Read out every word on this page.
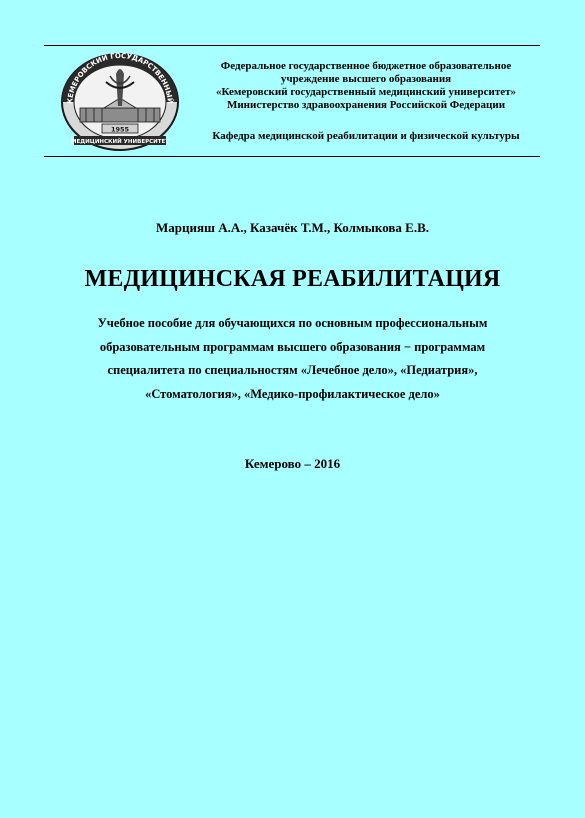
КЕМЕРОВСКИЙ ГОСУДАРСТВЕННЫЙ
1955
МЕДИЦИНСКИЙ УНИВЕРСИТЕТ
Федеральное государственное бюджетное образовательное
учреждение высшего образования
«Кемеровский государственный медицинский университет»
Министерство здравоохранения Российской Федерации
Кафедра медицинской реабилитации и физической культуры
Марцияш А.А., Казачёк Т.М., Колмыкова Е.В.
МЕДИЦИНСКАЯ РЕАБИЛИТАЦИЯ
Учебное пособие для обучающихся по основным профессиональным
образовательным программам высшего образования − программам
специалитета по специальностям «Лечебное дело», «Педиатрия»,
«Стоматология», «Медико-профилактическое дело»
Кемерово – 2016
